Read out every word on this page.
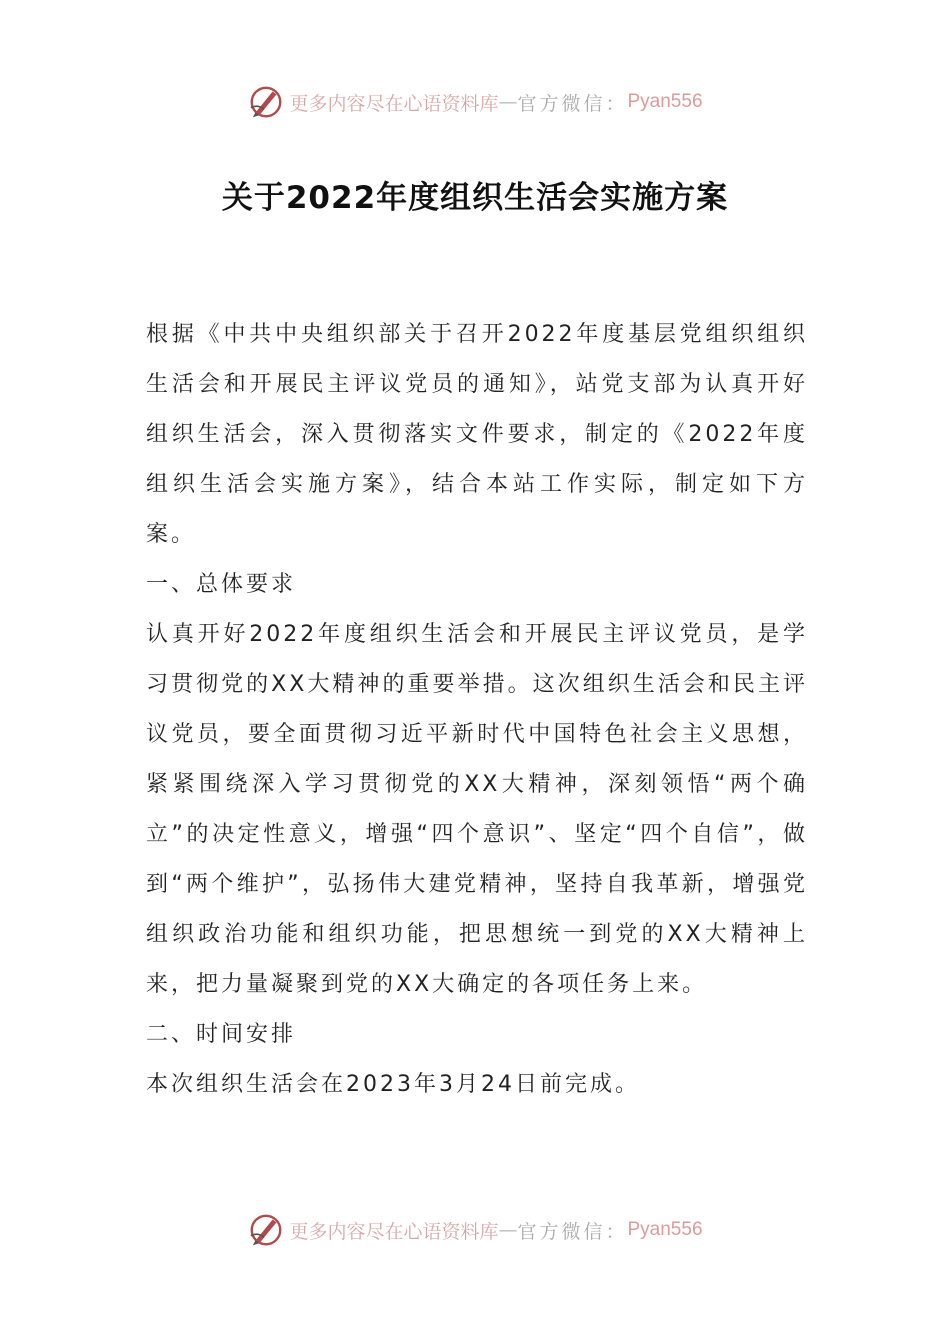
更多内容尽在心语资料库 — 官方微信： Pyan556
关于2022年度组织生活会实施方案

根据《中共中央组织部关于召开2022年度基层党组织组织生活会和开展民主评议党员的通知》，站党支部为认真开好组织生活会，深入贯彻落实文件要求，制定的《2022年度组织生活会实施方案》，结合本站工作实际，制定如下方案。

一、总体要求

认真开好2022年度组织生活会和开展民主评议党员，是学习贯彻党的XX大精神的重要举措。这次组织生活会和民主评议党员，要全面贯彻习近平新时代中国特色社会主义思想，紧紧围绕深入学习贯彻党的XX大精神，深刻领悟“两个确立”的决定性意义，增强“四个意识”、坚定“四个自信”，做到“两个维护”，弘扬伟大建党精神，坚持自我革新，增强党组织政治功能和组织功能，把思想统一到党的XX大精神上来，把力量凝聚到党的XX大确定的各项任务上来。

二、时间安排

本次组织生活会在2023年3月24日前完成。

更多内容尽在心语资料库 — 官方微信： Pyan556
